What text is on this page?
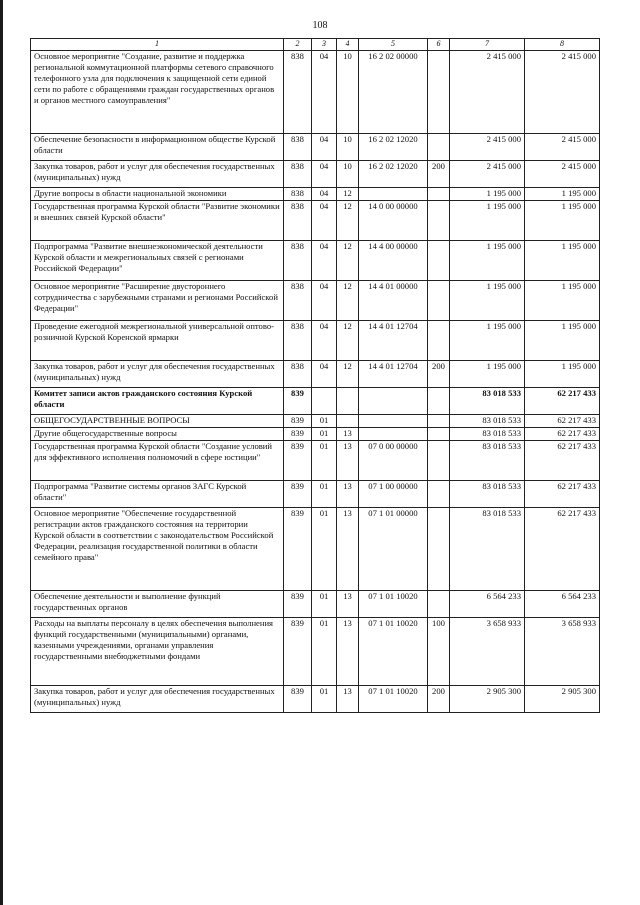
108
1	2	3	4	5	6	7	8
Основное мероприятие "Создание, развитие и поддержка региональной коммутационной платформы сетевого справочного телефонного узла для подключения к защищенной сети единой сети по работе с обращениями граждан государственных органов и органов местного самоуправления"	838	04	10	16 2 02 00000		2 415 000	2 415 000
Обеспечение безопасности в информационном обществе Курской области	838	04	10	16 2 02 12020		2 415 000	2 415 000
Закупка товаров, работ и услуг для обеспечения государственных (муниципальных) нужд	838	04	10	16 2 02 12020	200	2 415 000	2 415 000
Другие вопросы в области национальной экономики	838	04	12			1 195 000	1 195 000
Государственная программа Курской области "Развитие экономики и внешних связей Курской области"	838	04	12	14 0 00 00000		1 195 000	1 195 000
Подпрограмма "Развитие внешнеэкономической деятельности Курской области и межрегиональных связей с регионами Российской Федерации"	838	04	12	14 4 00 00000		1 195 000	1 195 000
Основное мероприятие "Расширение двустороннего сотрудничества с зарубежными странами и регионами Российской Федерации"	838	04	12	14 4 01 00000		1 195 000	1 195 000
Проведение ежегодной межрегиональной универсальной оптово-розничной Курской Коренской ярмарки	838	04	12	14 4 01 12704		1 195 000	1 195 000
Закупка товаров, работ и услуг для обеспечения государственных (муниципальных) нужд	838	04	12	14 4 01 12704	200	1 195 000	1 195 000
Комитет записи актов гражданского состояния Курской области	839					83 018 533	62 217 433
ОБЩЕГОСУДАРСТВЕННЫЕ ВОПРОСЫ	839	01				83 018 533	62 217 433
Другие общегосударственные вопросы	839	01	13			83 018 533	62 217 433
Государственная программа Курской области "Создание условий для эффективного исполнения полномочий в сфере юстиции"	839	01	13	07 0 00 00000		83 018 533	62 217 433
Подпрограмма "Развитие системы органов ЗАГС Курской области"	839	01	13	07 1 00 00000		83 018 533	62 217 433
Основное мероприятие "Обеспечение государственной регистрации актов гражданского состояния на территории Курской области в соответствии с законодательством Российской Федерации, реализация государственной политики в области семейного права"	839	01	13	07 1 01 00000		83 018 533	62 217 433
Обеспечение деятельности и выполнение функций государственных органов	839	01	13	07 1 01 10020		6 564 233	6 564 233
Расходы на выплаты персоналу в целях обеспечения выполнения функций государственными (муниципальными) органами, казенными учреждениями, органами управления государственными внебюджетными фондами	839	01	13	07 1 01 10020	100	3 658 933	3 658 933
Закупка товаров, работ и услуг для обеспечения государственных (муниципальных) нужд	839	01	13	07 1 01 10020	200	2 905 300	2 905 300
